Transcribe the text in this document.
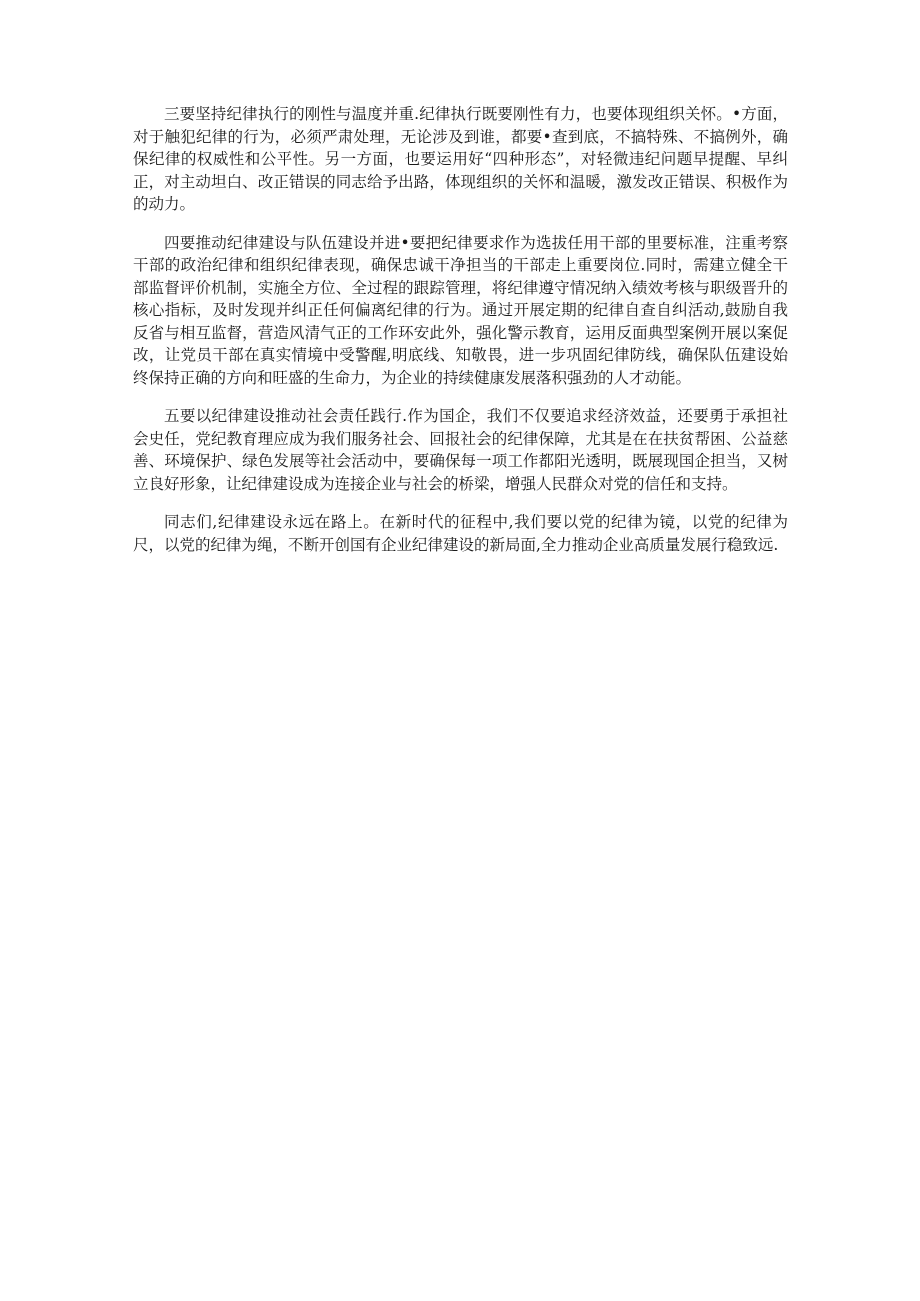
三要坚持纪律执行的刚性与温度并重.纪律执行既要刚性有力，也要体现组织关怀。•方面，对于触犯纪律的行为，必须严肃处理，无论涉及到谁，都要•查到底，不搞特殊、不搞例外，确保纪律的权威性和公平性。另一方面，也要运用好“四种形态”，对轻微违纪问题早提醒、早纠正，对主动坦白、改正错误的同志给予出路，体现组织的关怀和温暖，激发改正错误、积极作为的动力。

四要推动纪律建设与队伍建设并进•要把纪律要求作为选拔任用干部的里要标准，注重考察干部的政治纪律和组织纪律表现，确保忠诚干净担当的干部走上重要岗位.同时，需建立健全干部监督评价机制，实施全方位、全过程的跟踪管理，将纪律遵守情况纳入绩效考核与职级晋升的核心指标，及时发现并纠正任何偏离纪律的行为。通过开展定期的纪律自查自纠活动,鼓励自我反省与相互监督，营造风清气正的工作环安此外，强化警示教育，运用反面典型案例开展以案促改，让党员干部在真实情境中受警醒,明底线、知敬畏，进一步巩固纪律防线，确保队伍建设始终保持正确的方向和旺盛的生命力，为企业的持续健康发展落积强劲的人才动能。

五要以纪律建设推动社会责任践行.作为国企，我们不仅要追求经济效益，还要勇于承担社会史任，党纪教育理应成为我们服务社会、回报社会的纪律保障，尤其是在在扶贫帮困、公益慈善、环境保护、绿色发展等社会活动中，要确保每一项工作都阳光透明，既展现国企担当，又树立良好形象，让纪律建设成为连接企业与社会的桥梁，增强人民群众对党的信任和支持。

同志们,纪律建设永远在路上。在新时代的征程中,我们要以党的纪律为镜，以党的纪律为尺，以党的纪律为绳，不断开创国有企业纪律建设的新局面,全力推动企业高质量发展行稳致远.
